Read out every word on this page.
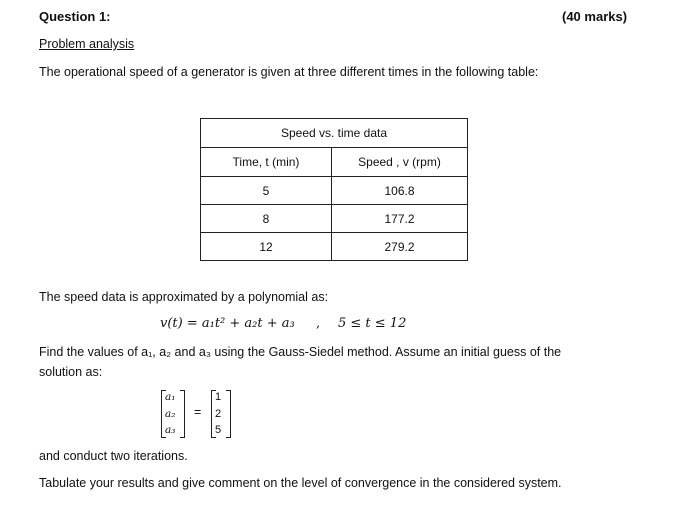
Question 1:	(40 marks)
Problem analysis
The operational speed of a generator is given at three different times in the following table:
Speed vs. time data	
Time, t (min)	Speed , v (rpm)
5	106.8
8	177.2
12	279.2
The speed data is approximated by a polynomial as:
v(t) = a₁t² + a₂t + a₃ , 5 ≤ t ≤ 12
Find the values of a₁, a₂ and a₃ using the Gauss-Siedel method. Assume an initial guess of the
solution as:
a₁
a₂
a₃
=
1
2
5
and conduct two iterations.
Tabulate your results and give comment on the level of convergence in the considered system.
